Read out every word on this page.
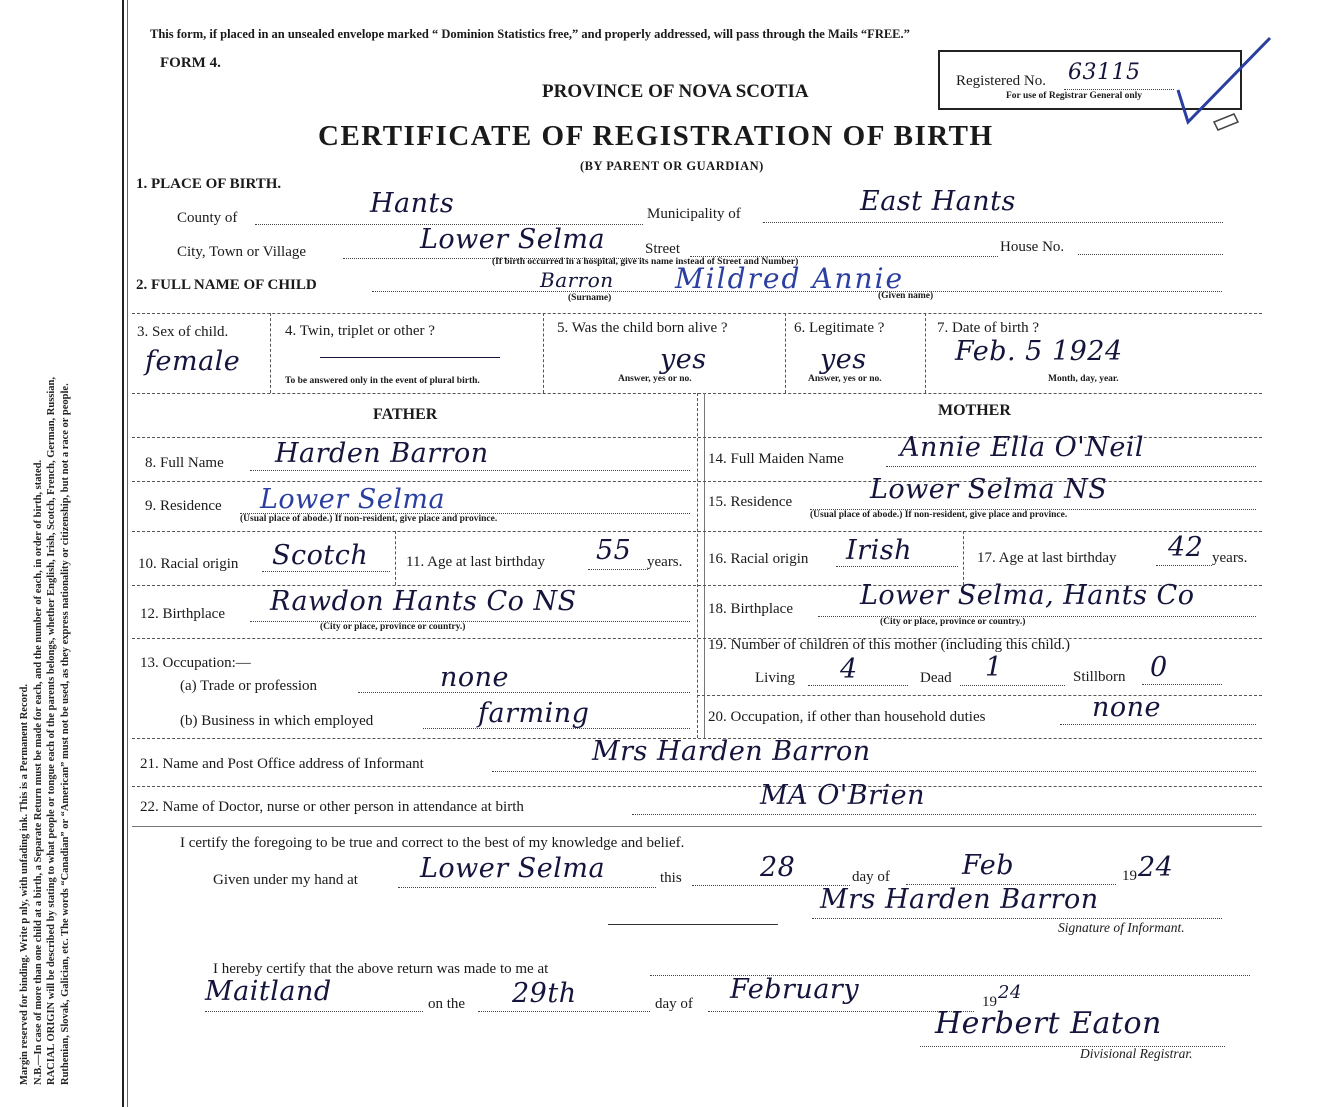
Margin reserved for binding. Write p nly, with unfading ink. This is a Permanent Record. N.B.—In case of more than one child at a birth, a Separate Return must be made for each, and the number of each, in order of birth, stated. RACIAL ORIGIN will be described by stating to what people or tongue each of the parents belongs, whether English, Irish, Scotch, French, German, Russian, Ruthenian, Slovak, Galician, etc. The words “Canadian” or “American” must not be used, as they express nationality or citizenship, but not a race or people.
This form, if placed in an unsealed envelope marked “ Dominion Statistics free,” and properly addressed, will pass through the Mails “FREE.”
FORM 4.
PROVINCE OF NOVA SCOTIA
CERTIFICATE OF REGISTRATION OF BIRTH
(BY PARENT OR GUARDIAN)
Registered No. 63115
For use of Registrar General only
1. PLACE OF BIRTH.
County of	Hants	Municipality of	East Hants
City, Town or Village	Lower Selma	Street	House No.
(If birth occurred in a hospital, give its name instead of Street and Number)
2. FULL NAME OF CHILD	Barron Mildred Annie
(Surname)	(Given name)
3. Sex of child.
female
4. Twin, triplet or other ?
To be answered only in the event of plural birth.
5. Was the child born alive ?
yes
Answer, yes or no.
6. Legitimate ?
yes
Answer, yes or no.
7. Date of birth ?
Feb. 5 1924
Month, day, year.
FATHER	MOTHER
8. Full Name Harden Barron
9. Residence Lower Selma
(Usual place of abode.) If non-resident, give place and province.
10. Racial origin Scotch	11. Age at last birthday 55 years.
12. Birthplace Rawdon Hants Co NS
(City or place, province or country.)
13. Occupation:—
(a) Trade or profession	none
(b) Business in which employed	farming
14. Full Maiden Name Annie Ella O'Neil
15. Residence	Lower Selma NS
(Usual place of abode.) If non-resident, give place and province.
16. Racial origin Irish	17. Age at last birthday 42 years.
18. Birthplace Lower Selma, Hants Co
(City or place, province or country.)
19. Number of children of this mother (including this child.)
Living 4	Dead 1	Stillborn 0
20. Occupation, if other than household duties	none
21. Name and Post Office address of Informant	Mrs Harden Barron
22. Name of Doctor, nurse or other person in attendance at birth	MA O'Brien
I certify the foregoing to be true and correct to the best of my knowledge and belief.
Given under my hand at Lower Selma	this	28	day of	Feb	19 24
Mrs Harden Barron
Signature of Informant.
I hereby certify that the above return was made to me at
Maitland	on the 29th	day of February	19 24
Herbert Eaton
Divisional Registrar.
